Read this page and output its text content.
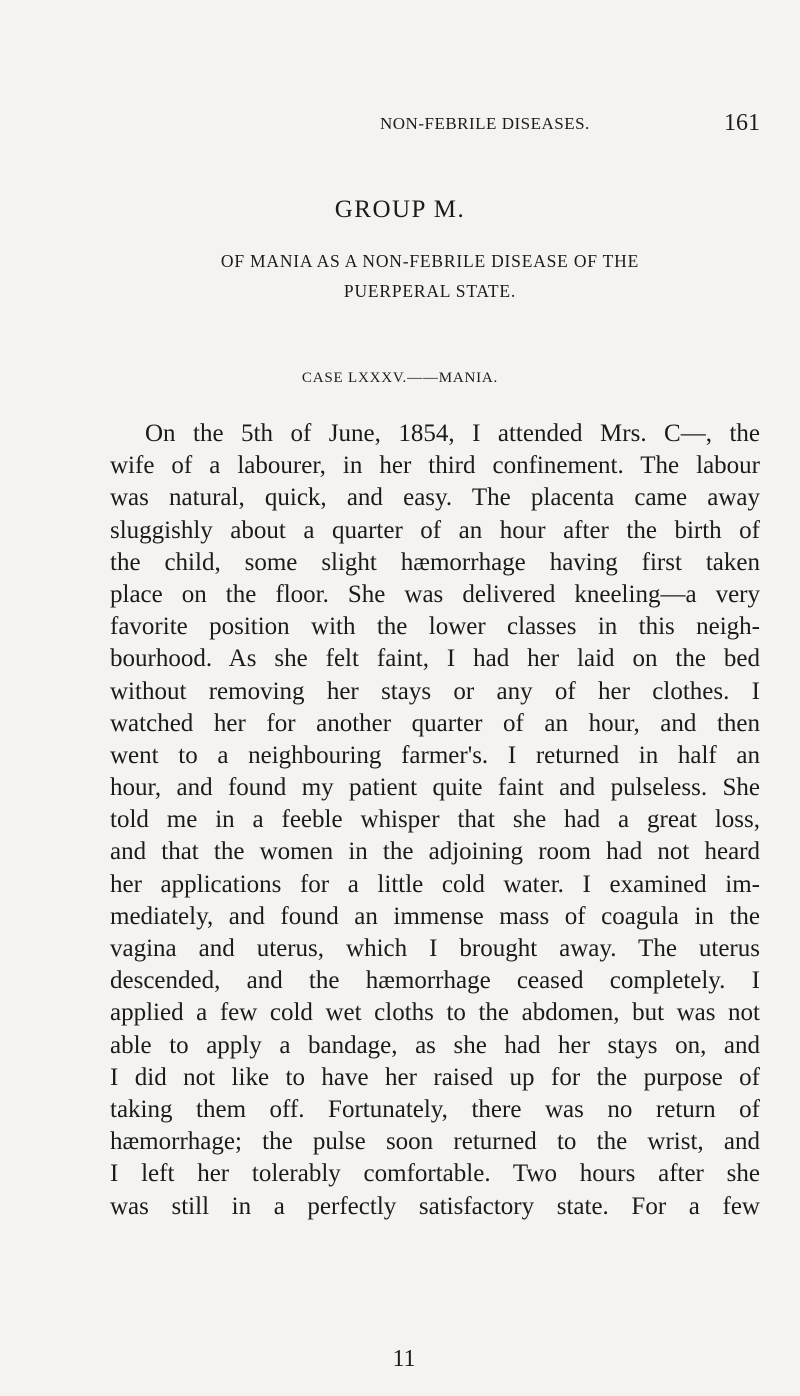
NON-FEBRILE DISEASES.	161
GROUP M.
OF MANIA AS A NON-FEBRILE DISEASE OF THE
PUERPERAL STATE.
CASE LXXXV.——MANIA.
On the 5th of June, 1854, I attended Mrs. C—, the
wife of a labourer, in her third confinement. The labour
was natural, quick, and easy. The placenta came away
sluggishly about a quarter of an hour after the birth of
the child, some slight hæmorrhage having first taken
place on the floor. She was delivered kneeling—a very
favorite position with the lower classes in this neigh-
bourhood. As she felt faint, I had her laid on the bed
without removing her stays or any of her clothes. I
watched her for another quarter of an hour, and then
went to a neighbouring farmer's. I returned in half an
hour, and found my patient quite faint and pulseless. She
told me in a feeble whisper that she had a great loss,
and that the women in the adjoining room had not heard
her applications for a little cold water. I examined im-
mediately, and found an immense mass of coagula in the
vagina and uterus, which I brought away. The uterus
descended, and the hæmorrhage ceased completely. I
applied a few cold wet cloths to the abdomen, but was not
able to apply a bandage, as she had her stays on, and
I did not like to have her raised up for the purpose of
taking them off. Fortunately, there was no return of
hæmorrhage; the pulse soon returned to the wrist, and
I left her tolerably comfortable. Two hours after she
was still in a perfectly satisfactory state. For a few
11
